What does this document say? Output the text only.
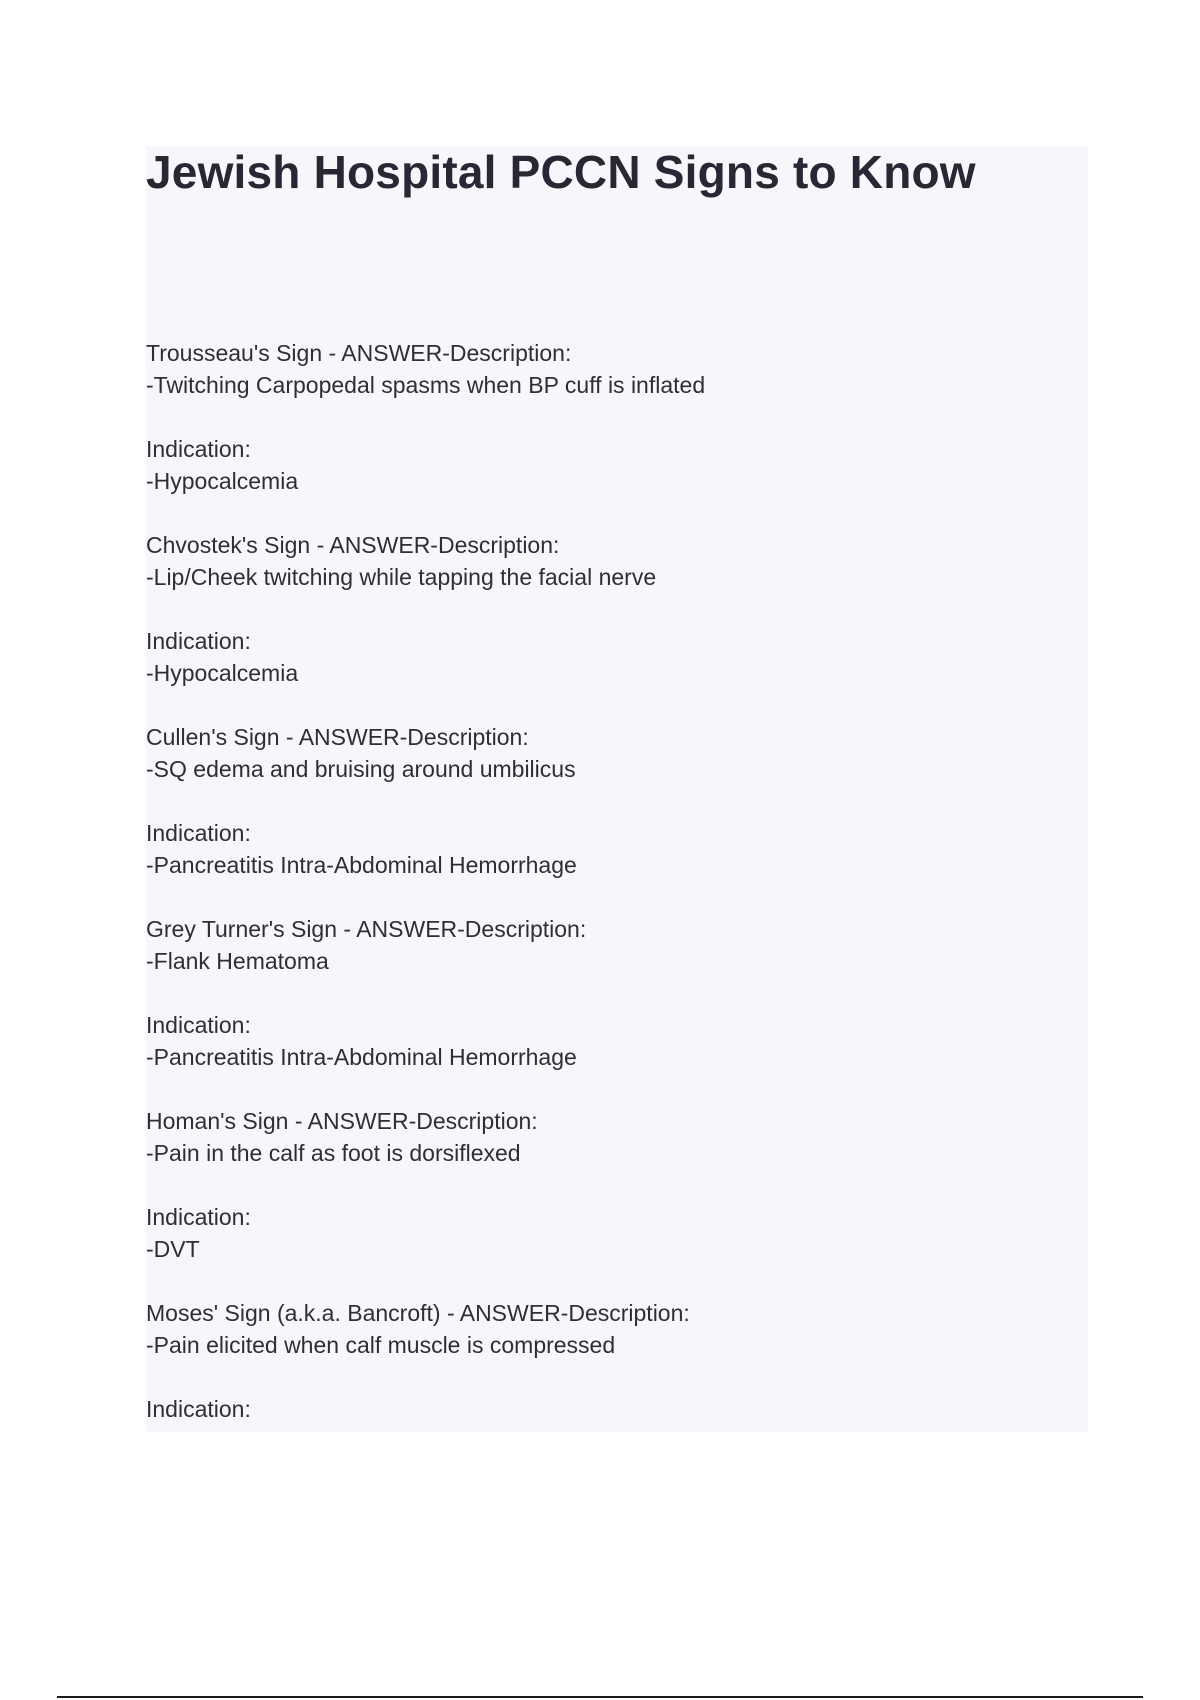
Jewish Hospital PCCN Signs to Know

Trousseau's Sign - ANSWER-Description:

-Twitching Carpopedal spasms when BP cuff is inflated

Indication:

-Hypocalcemia

Chvostek's Sign - ANSWER-Description:

-Lip/Cheek twitching while tapping the facial nerve

Indication:

-Hypocalcemia

Cullen's Sign - ANSWER-Description:

-SQ edema and bruising around umbilicus

Indication:

-Pancreatitis Intra-Abdominal Hemorrhage

Grey Turner's Sign - ANSWER-Description:

-Flank Hematoma

Indication:

-Pancreatitis Intra-Abdominal Hemorrhage

Homan's Sign - ANSWER-Description:

-Pain in the calf as foot is dorsiflexed

Indication:

-DVT

Moses' Sign (a.k.a. Bancroft) - ANSWER-Description:

-Pain elicited when calf muscle is compressed

Indication:
